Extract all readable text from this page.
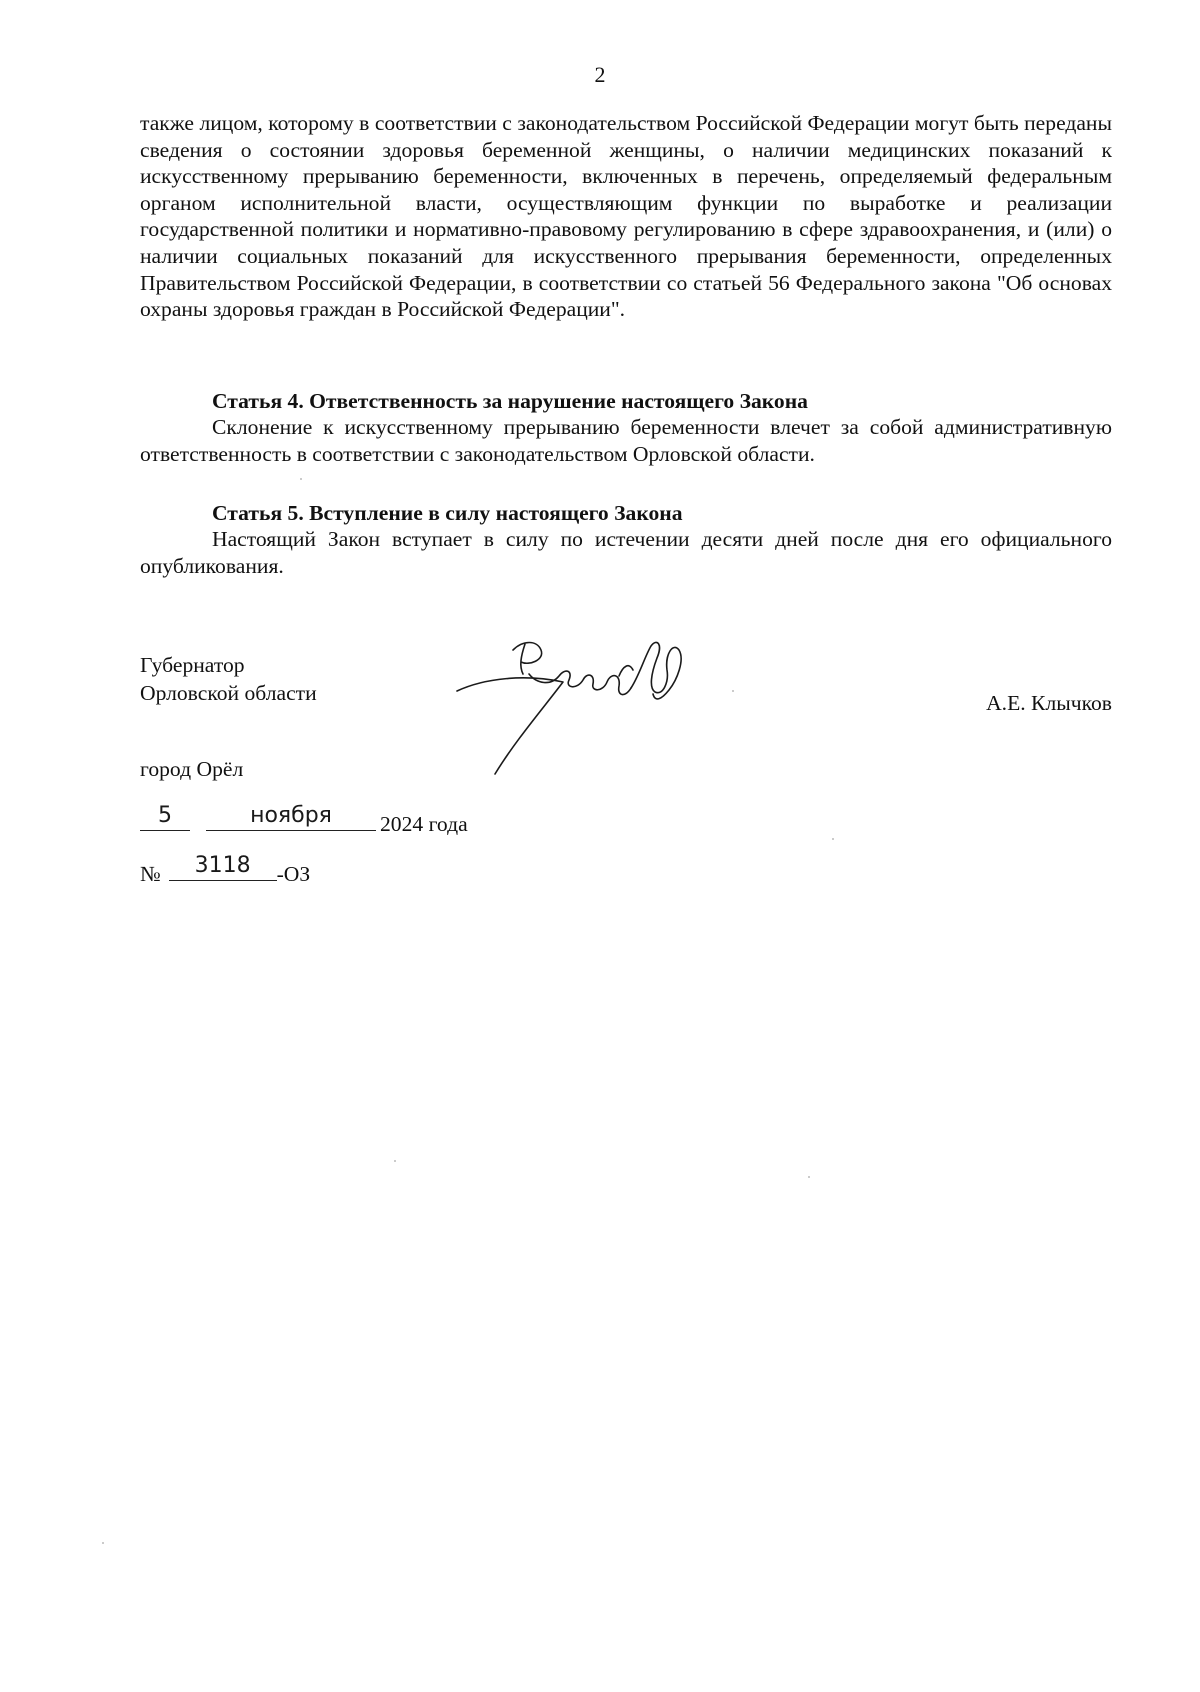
2

также лицом, которому в соответствии с законодательством Российской Федерации могут быть переданы сведения о состоянии здоровья беременной женщины, о наличии медицинских показаний к искусственному прерыванию беременности, включенных в перечень, определяемый федеральным органом исполнительной власти, осуществляющим функции по выработке и реализации государственной политики и нормативно-правовому регулированию в сфере здравоохранения, и (или) о наличии социальных показаний для искусственного прерывания беременности, определенных Правительством Российской Федерации, в соответствии со статьей 56 Федерального закона "Об основах охраны здоровья граждан в Российской Федерации".

Статья 4. Ответственность за нарушение настоящего Закона

Склонение к искусственному прерыванию беременности влечет за собой административную ответственность в соответствии с законодательством Орловской области.

Статья 5. Вступление в силу настоящего Закона

Настоящий Закон вступает в силу по истечении десяти дней после дня его официального опубликования.

Губернатор
Орловской области	А.Е. Клычков
город Орёл
5	ноября	2024 года
№	3118	-ОЗ
